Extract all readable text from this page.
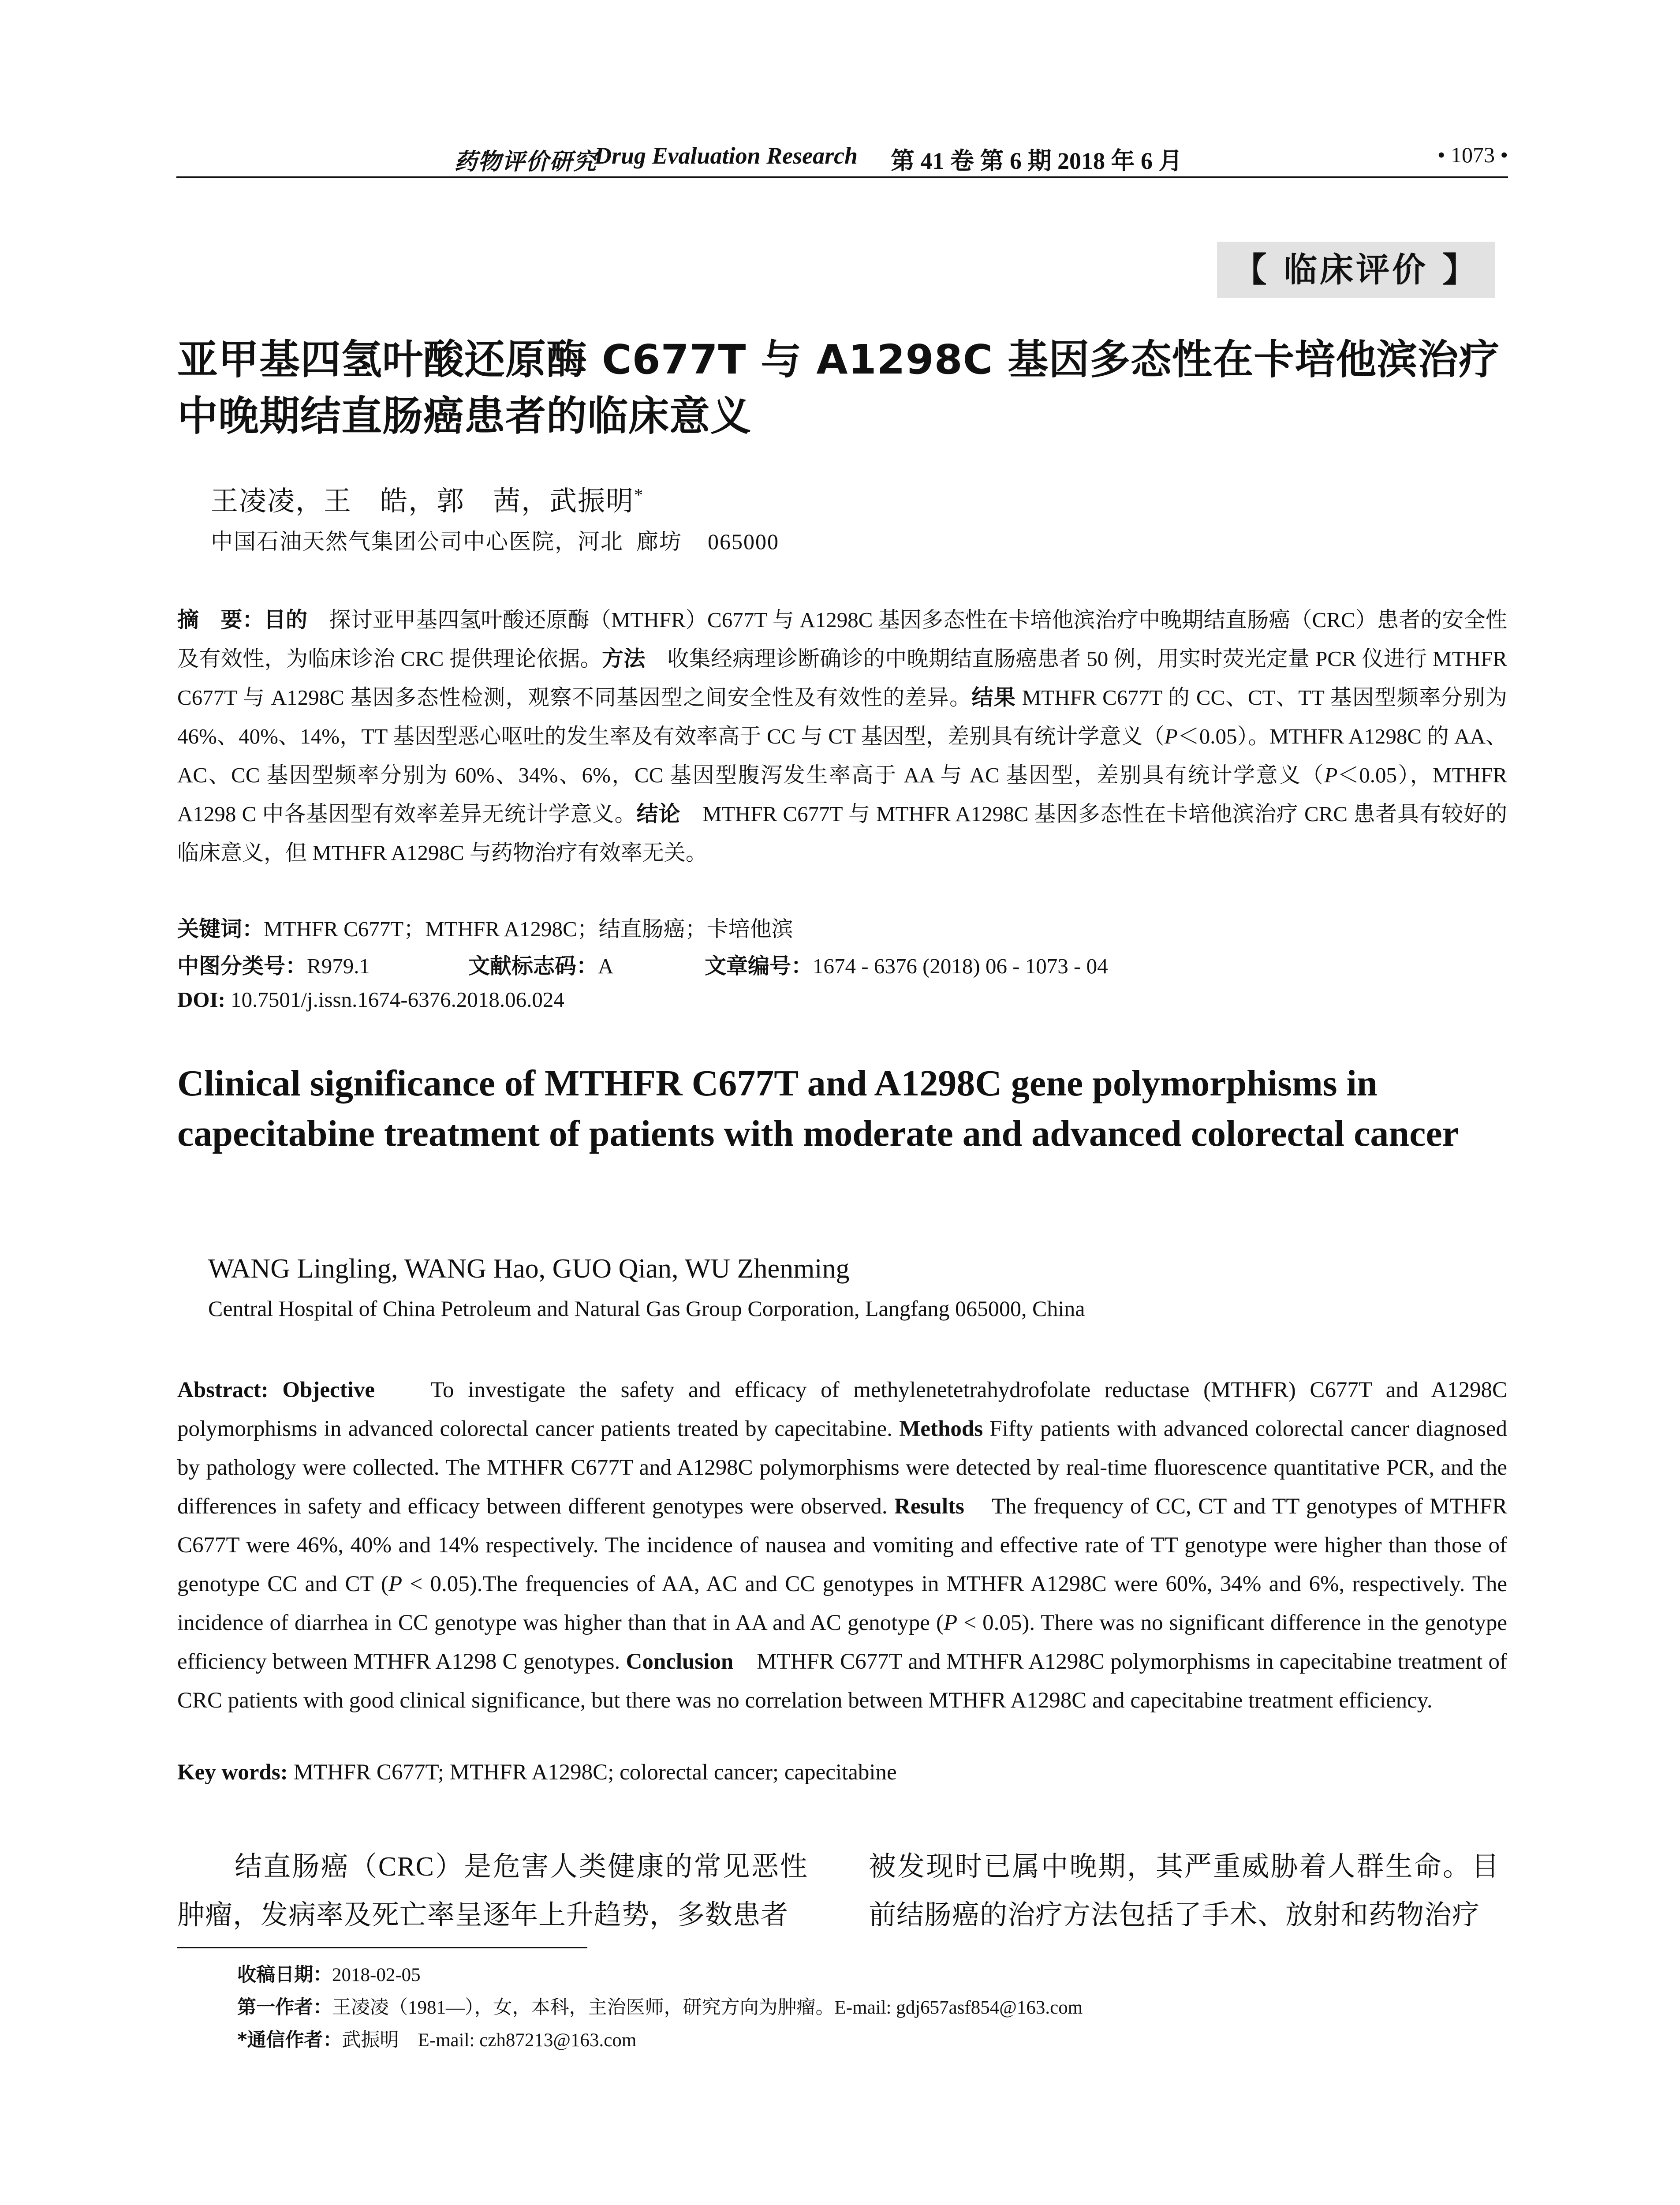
药物评价研究
Drug Evaluation Research 第 41 卷 第 6 期 2018 年 6 月	• 1073 •
【 临床评价 】
亚甲基四氢叶酸还原酶 C677T 与 A1298C 基因多态性在卡培他滨治疗中晚期结直肠癌患者的临床意义
王凌凌，王　皓，郭　茜，武振明*
中国石油天然气集团公司中心医院，河北  廊坊    065000
摘　要：目的　 探讨亚甲基四氢叶酸还原酶（MTHFR）C677T 与 A1298C 基因多态性在卡培他滨治疗中晚期结直肠癌（CRC）患者的安全性及有效性，为临床诊治 CRC 提供理论依据。方法　 收集经病理诊断确诊的中晚期结直肠癌患者 50 例，用实时荧光定量 PCR 仪进行 MTHFR C677T 与 A1298C 基因多态性检测，观察不同基因型之间安全性及有效性的差异。结果 MTHFR C677T 的 CC、CT、TT 基因型频率分别为 46%、40%、14%，TT 基因型恶心呕吐的发生率及有效率高于 CC 与 CT 基因型，差别具有统计学意义（P＜0.05）。MTHFR A1298C 的 AA、AC、CC 基因型频率分别为 60%、34%、6%，CC 基因型腹泻发生率高于 AA 与 AC 基因型，差别具有统计学意义（P＜0.05），MTHFR A1298 C 中各基因型有效率差异无统计学意义。结论　 MTHFR C677T 与 MTHFR A1298C 基因多态性在卡培他滨治疗 CRC 患者具有较好的临床意义，但 MTHFR A1298C 与药物治疗有效率无关。
关键词：MTHFR C677T；MTHFR A1298C；结直肠癌；卡培他滨

中图分类号：R979.1

	文献标志码：A

	文章编号：1674 - 6376 (2018) 06 - 1073 - 04

DOI: 10.7501/j.issn.1674-6376.2018.06.024
Clinical significance of MTHFR C677T and A1298C gene polymorphisms in capecitabine treatment of patients with moderate and advanced colorectal cancer
WANG Lingling, WANG Hao, GUO Qian, WU Zhenming
Central Hospital of China Petroleum and Natural Gas Group Corporation, Langfang 065000, China
Abstract: Objective To investigate the safety and efficacy of methylenetetrahydrofolate reductase (MTHFR) C677T and A1298C polymorphisms in advanced colorectal cancer patients treated by capecitabine. Methods Fifty patients with advanced colorectal cancer diagnosed by pathology were collected. The MTHFR C677T and A1298C polymorphisms were detected by real-time fluorescence quantitative PCR, and the differences in safety and efficacy between different genotypes were observed. Results The frequency of CC, CT and TT genotypes of MTHFR C677T were 46%, 40% and 14% respectively. The incidence of nausea and vomiting and effective rate of TT genotype were higher than those of genotype CC and CT (P < 0.05).The frequencies of AA, AC and CC genotypes in MTHFR A1298C were 60%, 34% and 6%, respectively. The incidence of diarrhea in CC genotype was higher than that in AA and AC genotype (P < 0.05). There was no significant difference in the genotype efficiency between MTHFR A1298 C genotypes. Conclusion MTHFR C677T and MTHFR A1298C polymorphisms in capecitabine treatment of CRC patients with good clinical significance, but there was no correlation between MTHFR A1298C and capecitabine treatment efficiency.
Key words: MTHFR C677T; MTHFR A1298C; colorectal cancer; capecitabine
结直肠癌（CRC）是危害人类健康的常见恶性肿瘤，发病率及死亡率呈逐年上升趋势，多数患者
被发现时已属中晚期，其严重威胁着人群生命。目前结肠癌的治疗方法包括了手术、放射和药物治疗
收稿日期：2018-02-05
第一作者：王凌凌（1981—），女，本科，主治医师，研究方向为肿瘤。E-mail: gdj657asf854@163.com
*通信作者：武振明    E-mail: czh87213@163.com
